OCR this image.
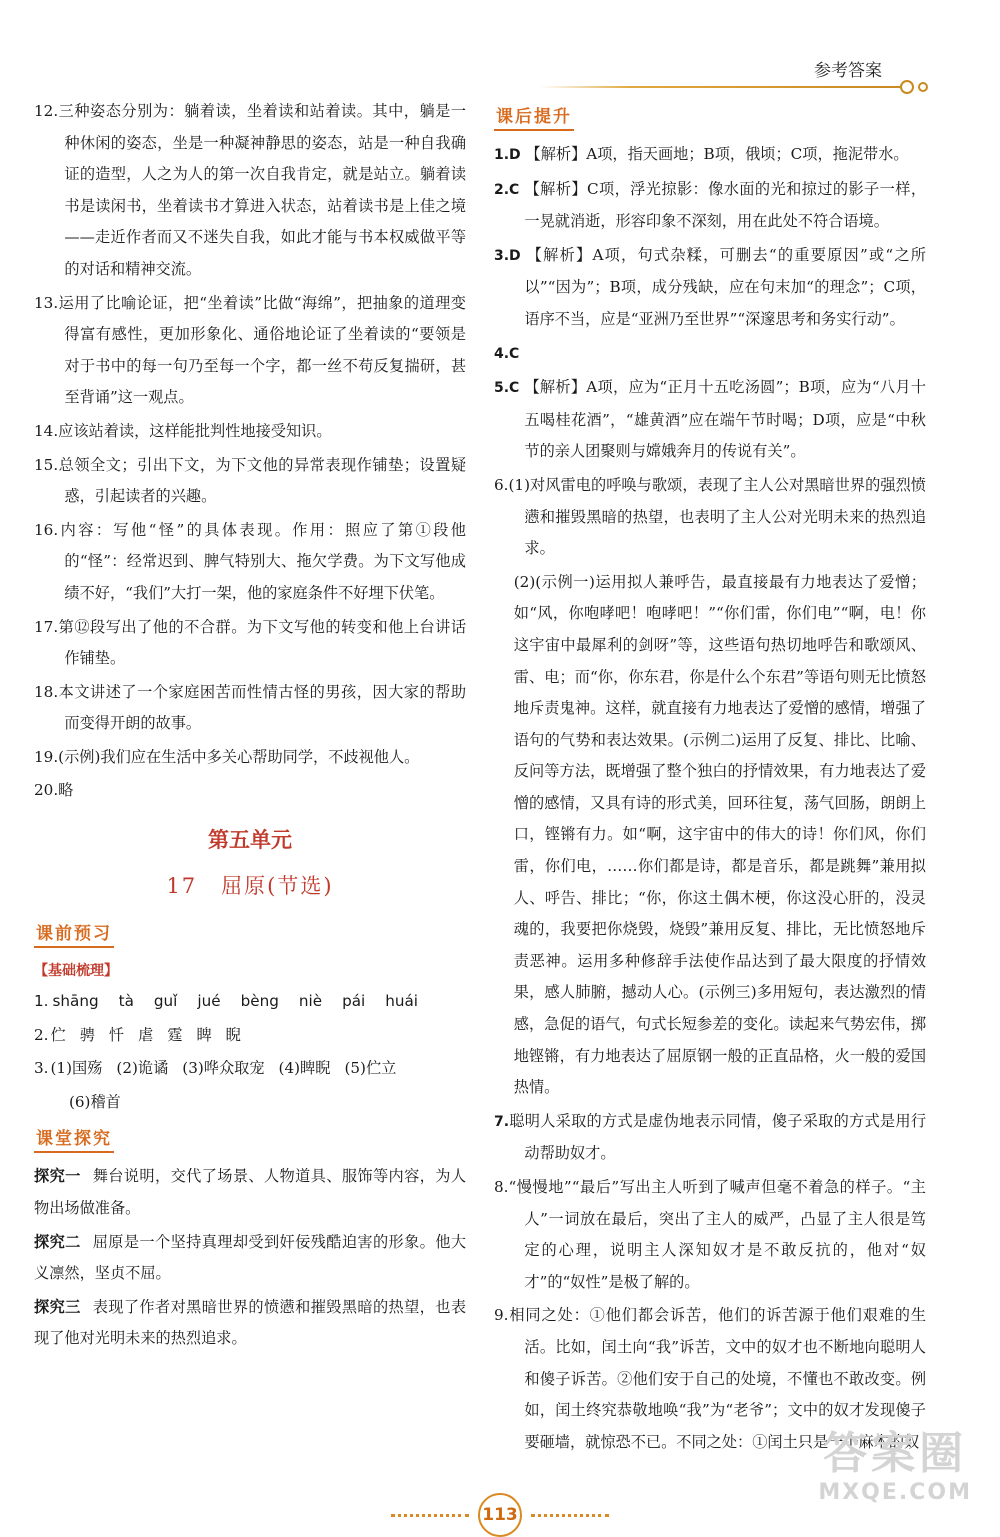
参考答案

12.三种姿态分别为：躺着读，坐着读和站着读。其中，躺是一种休闲的姿态，坐是一种凝神静思的姿态，站是一种自我确证的造型，人之为人的第一次自我肯定，就是站立。躺着读书是读闲书，坐着读书才算进入状态，站着读书是上佳之境——走近作者而又不迷失自我，如此才能与书本权威做平等的对话和精神交流。

13.运用了比喻论证，把“坐着读”比做“海绵”，把抽象的道理变得富有感性，更加形象化、通俗地论证了坐着读的“要领是对于书中的每一句乃至每一个字，都一丝不苟反复揣研，甚至背诵”这一观点。

14.应该站着读，这样能批判性地接受知识。

15.总领全文；引出下文，为下文他的异常表现作铺垫；设置疑惑，引起读者的兴趣。

16.内容：写他“怪”的具体表现。作用：照应了第①段他的“怪”：经常迟到、脾气特别大、拖欠学费。为下文写他成绩不好，“我们”大打一架，他的家庭条件不好埋下伏笔。

17.第⑫段写出了他的不合群。为下文写他的转变和他上台讲话作铺垫。

18.本文讲述了一个家庭困苦而性情古怪的男孩，因大家的帮助而变得开朗的故事。

19.(示例)我们应在生活中多关心帮助同学，不歧视他人。

20.略

第五单元
17 屈原(节选)
课前预习
【基础梳理】

1. shāng tà guǐ jué bèng niè pái huái

2. 伫 骋 忏 虐 霆 睥 睨

3. (1)国殇 (2)诡谲 (3)哗众取宠 (4)睥睨 (5)伫立

(6)稽首

课堂探究

探究一 舞台说明，交代了场景、人物道具、服饰等内容，为人物出场做准备。

探究二 屈原是一个坚持真理却受到奸佞残酷迫害的形象。他大义凛然，坚贞不屈。

探究三 表现了作者对黑暗世界的愤懑和摧毁黑暗的热望，也表现了他对光明未来的热烈追求。

课后提升

1.D 【解析】A项，指天画地；B项，俄顷；C项，拖泥带水。

2.C 【解析】C项，浮光掠影：像水面的光和掠过的影子一样，一晃就消逝，形容印象不深刻，用在此处不符合语境。

3.D 【解析】A项，句式杂糅，可删去“的重要原因”或“之所以”“因为”；B项，成分残缺，应在句末加“的理念”；C项，语序不当，应是“亚洲乃至世界”“深邃思考和务实行动”。

4.C

5.C 【解析】A项，应为“正月十五吃汤圆”；B项，应为“八月十五喝桂花酒”，“雄黄酒”应在端午节时喝；D项，应是“中秋节的亲人团聚则与嫦娥奔月的传说有关”。

6.(1)对风雷电的呼唤与歌颂，表现了主人公对黑暗世界的强烈愤懑和摧毁黑暗的热望，也表明了主人公对光明未来的热烈追求。

(2)(示例一)运用拟人兼呼告，最直接最有力地表达了爱憎；如“风，你咆哮吧！咆哮吧！”“你们雷，你们电”“啊，电！你这宇宙中最犀利的剑呀”等，这些语句热切地呼告和歌颂风、雷、电；而“你，你东君，你是什么个东君”等语句则无比愤怒地斥责鬼神。这样，就直接有力地表达了爱憎的感情，增强了语句的气势和表达效果。(示例二)运用了反复、排比、比喻、反问等方法，既增强了整个独白的抒情效果，有力地表达了爱憎的感情，又具有诗的形式美，回环往复，荡气回肠，朗朗上口，铿锵有力。如“啊，这宇宙中的伟大的诗！你们风，你们雷，你们电，……你们都是诗，都是音乐，都是跳舞”兼用拟人、呼告、排比；“你，你这土偶木梗，你这没心肝的，没灵魂的，我要把你烧毁，烧毁”兼用反复、排比，无比愤怒地斥责恶神。运用多种修辞手法使作品达到了最大限度的抒情效果，感人肺腑，撼动人心。(示例三)多用短句，表达激烈的情感，急促的语气，句式长短参差的变化。读起来气势宏伟，掷地铿锵，有力地表达了屈原钢一般的正直品格，火一般的爱国热情。

7.聪明人采取的方式是虚伪地表示同情，傻子采取的方式是用行动帮助奴才。

8.“慢慢地”“最后”写出主人听到了喊声但毫不着急的样子。“主人”一词放在最后，突出了主人的威严，凸显了主人很是笃定的心理，说明主人深知奴才是不敢反抗的，他对“奴才”的“奴性”是极了解的。

9.相同之处：①他们都会诉苦，他们的诉苦源于他们艰难的生活。比如，闰土向“我”诉苦，文中的奴才也不断地向聪明人和傻子诉苦。②他们安于自己的处境，不懂也不敢改变。例如，闰土终究恭敬地唤“我”为“老爷”；文中的奴才发现傻子要砸墙，就惊恐不已。不同之处：①闰土只是一个麻木的奴

113
答案圈
MXQE.COM
